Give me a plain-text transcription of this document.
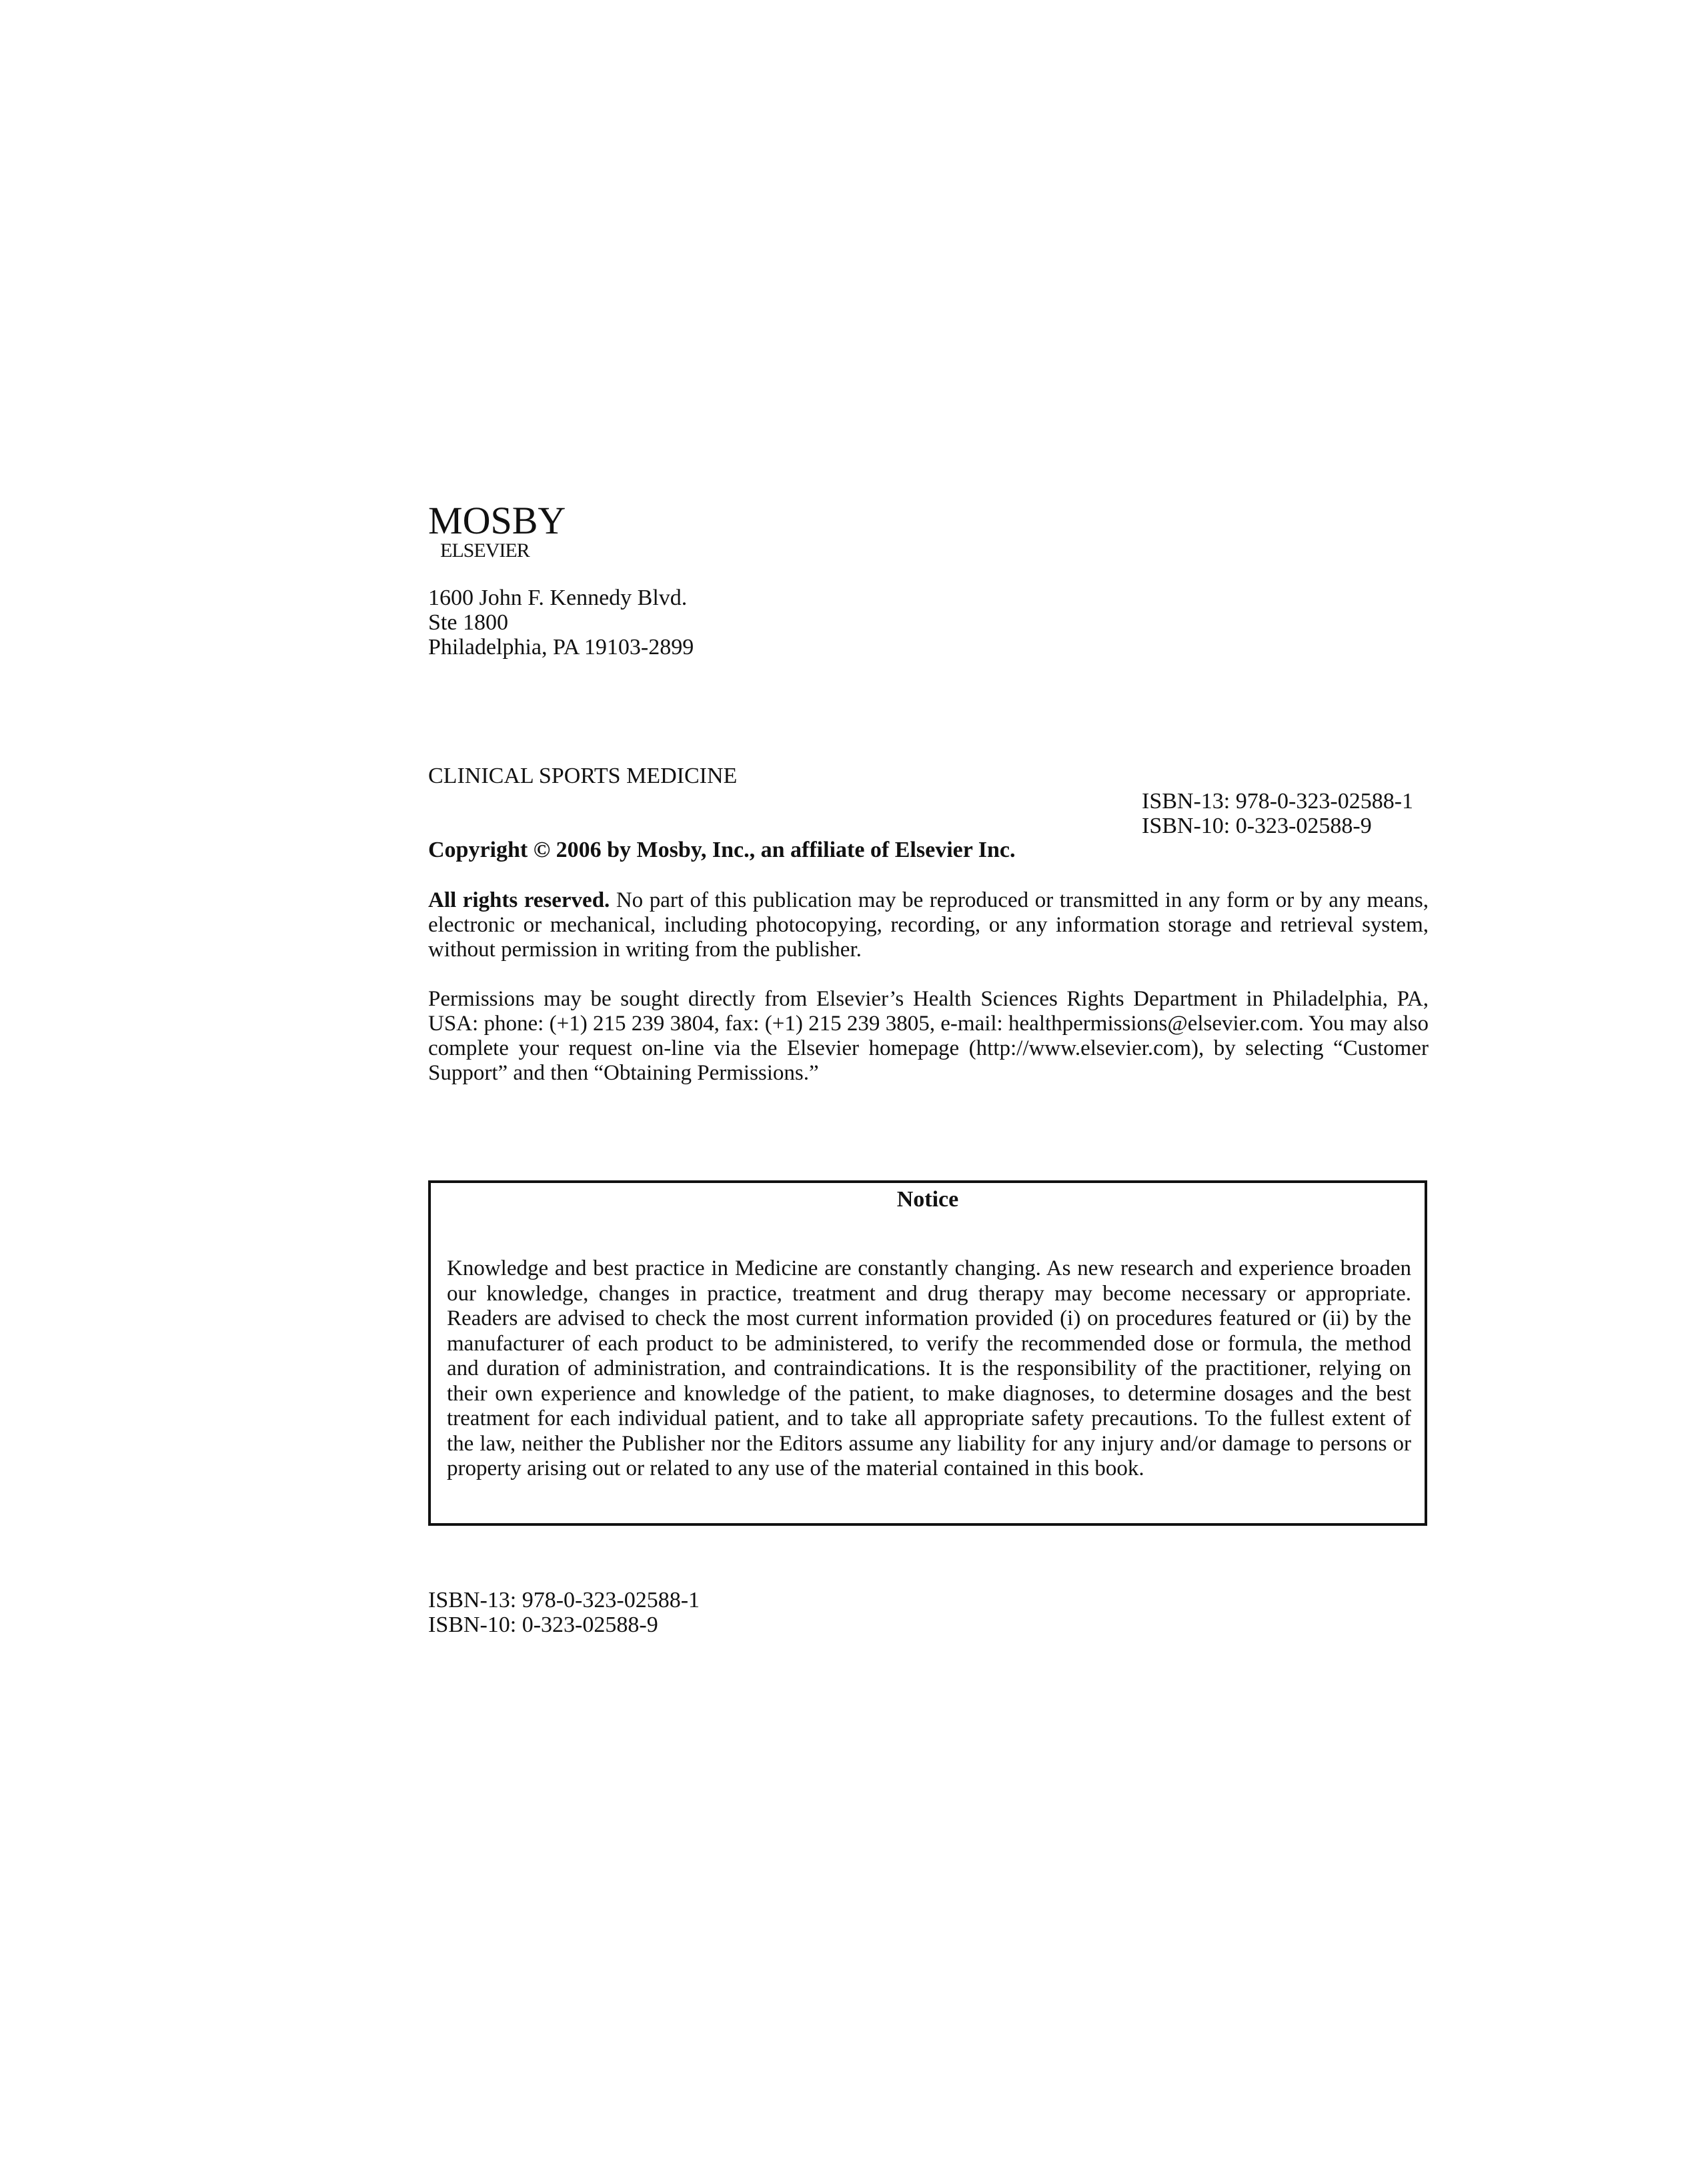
MOSBY
ELSEVIER
1600 John F. Kennedy Blvd.
Ste 1800
Philadelphia, PA 19103-2899
CLINICAL SPORTS MEDICINE
ISBN-13: 978-0-323-02588-1
ISBN-10: 0-323-02588-9
Copyright © 2006 by Mosby, Inc., an affiliate of Elsevier Inc.
All rights reserved. No part of this publication may be reproduced or transmitted in any form or by any means, electronic or mechanical, including photocopying, recording, or any information storage and retrieval system, without permission in writing from the publisher.
Permissions may be sought directly from Elsevier’s Health Sciences Rights Department in Philadelphia, PA, USA: phone: (+1) 215 239 3804, fax: (+1) 215 239 3805, e-mail: healthpermissions@elsevier.com. You may also complete your request on-line via the Elsevier homepage (http://www.elsevier.com), by selecting “Customer Support” and then “Obtaining Permissions.”
Notice
Knowledge and best practice in Medicine are constantly changing. As new research and experience broaden our knowledge, changes in practice, treatment and drug therapy may become necessary or appropriate. Readers are advised to check the most current information provided (i) on procedures featured or (ii) by the manufacturer of each product to be administered, to verify the recommended dose or formula, the method and duration of administration, and contraindications. It is the responsibility of the practitioner, relying on their own experience and knowledge of the patient, to make diagnoses, to determine dosages and the best treatment for each individual patient, and to take all appropriate safety precautions. To the fullest extent of the law, neither the Publisher nor the Editors assume any liability for any injury and/or damage to persons or property arising out or related to any use of the material contained in this book.
ISBN-13: 978-0-323-02588-1
ISBN-10: 0-323-02588-9
